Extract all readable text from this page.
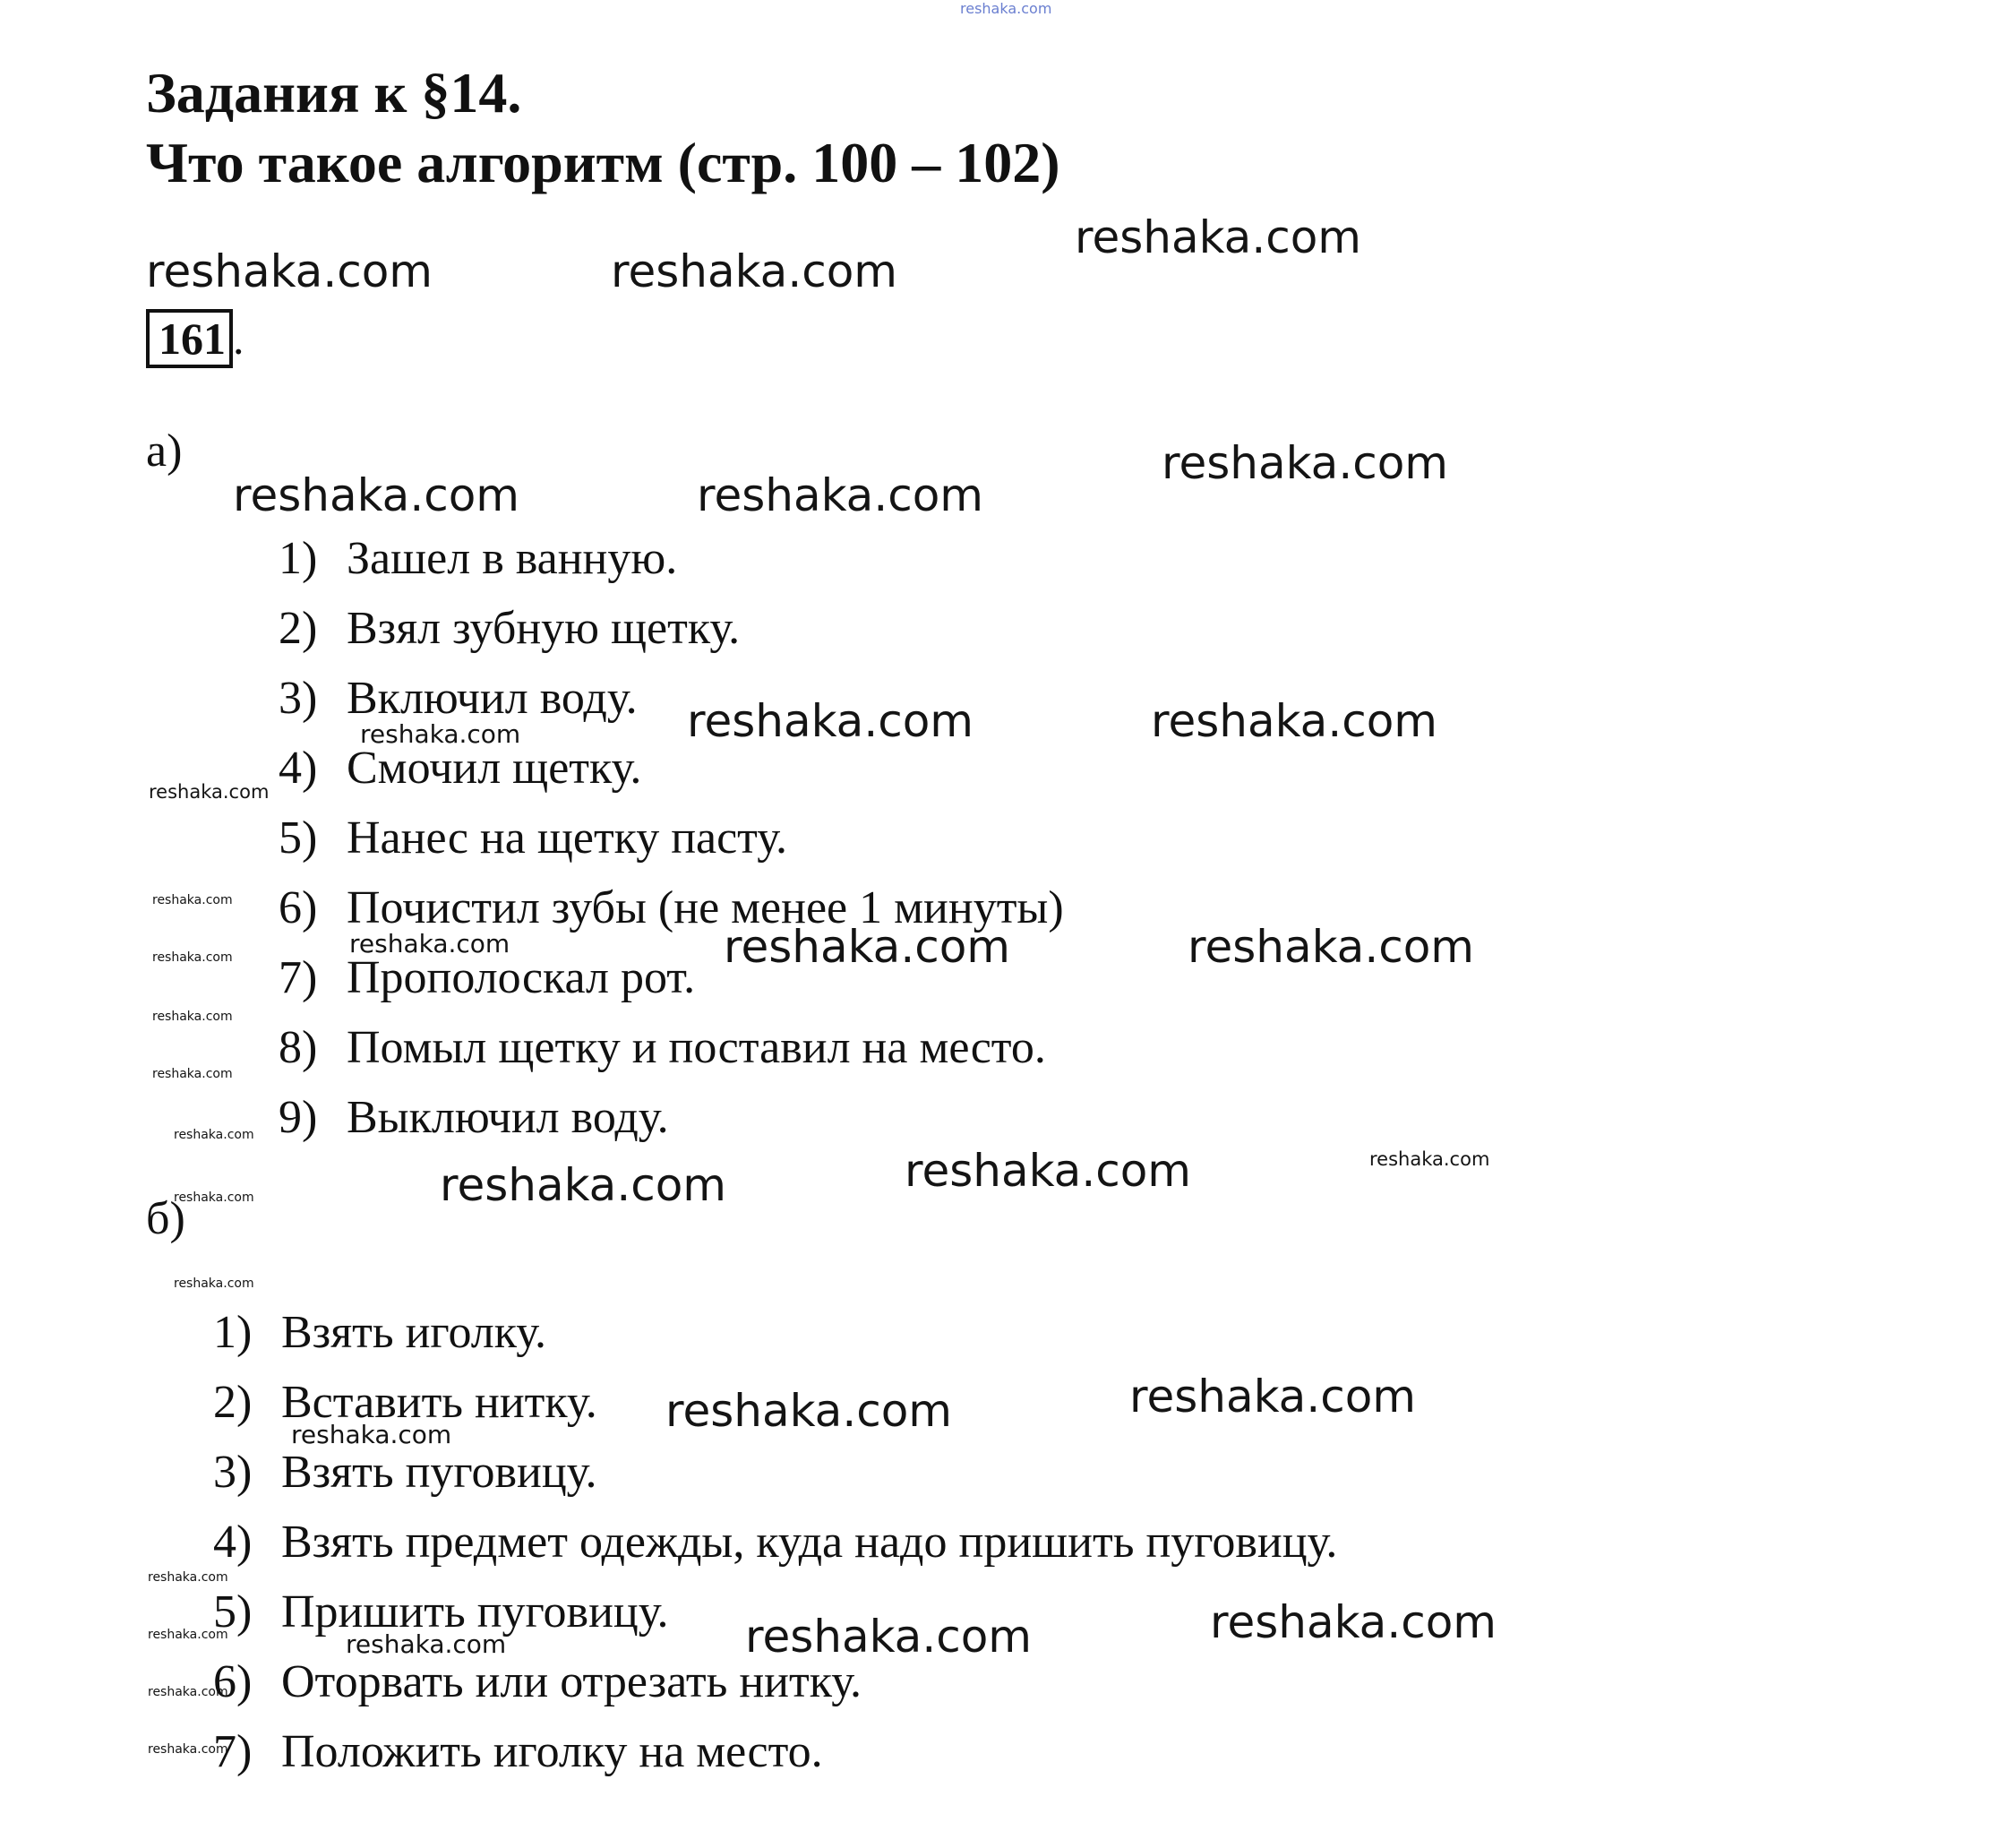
reshaka.com
Задания к §14.
Что такое алгоритм (стр. 100 – 102)
161 .
а)
1) Зашел в ванную.
2) Взял зубную щетку.
3) Включил воду.
4) Смочил щетку.
5) Нанес на щетку пасту.
6) Почистил зубы (не менее 1 минуты)
7) Прополоскал рот.
8) Помыл щетку и поставил на место.
9) Выключил воду.
б)
1) Взять иголку.
2) Вставить нитку.
3) Взять пуговицу.
4) Взять предмет одежды, куда надо пришить пуговицу.
5) Пришить пуговицу.
6) Оторвать или отрезать нитку.
7) Положить иголку на место.
reshaka.com
reshaka.com	reshaka.com
reshaka.com
reshaka.com	reshaka.com
reshaka.com	reshaka.com
reshaka.com	reshaka.com
reshaka.com
reshaka.com
reshaka.com
reshaka.com
reshaka.com
reshaka.com
reshaka.com
reshaka.com
reshaka.com
reshaka.com
reshaka.com
reshaka.com
reshaka.com
reshaka.com
reshaka.com
reshaka.com
reshaka.com
reshaka.com
reshaka.com
reshaka.com
reshaka.com
reshaka.com
reshaka.com
